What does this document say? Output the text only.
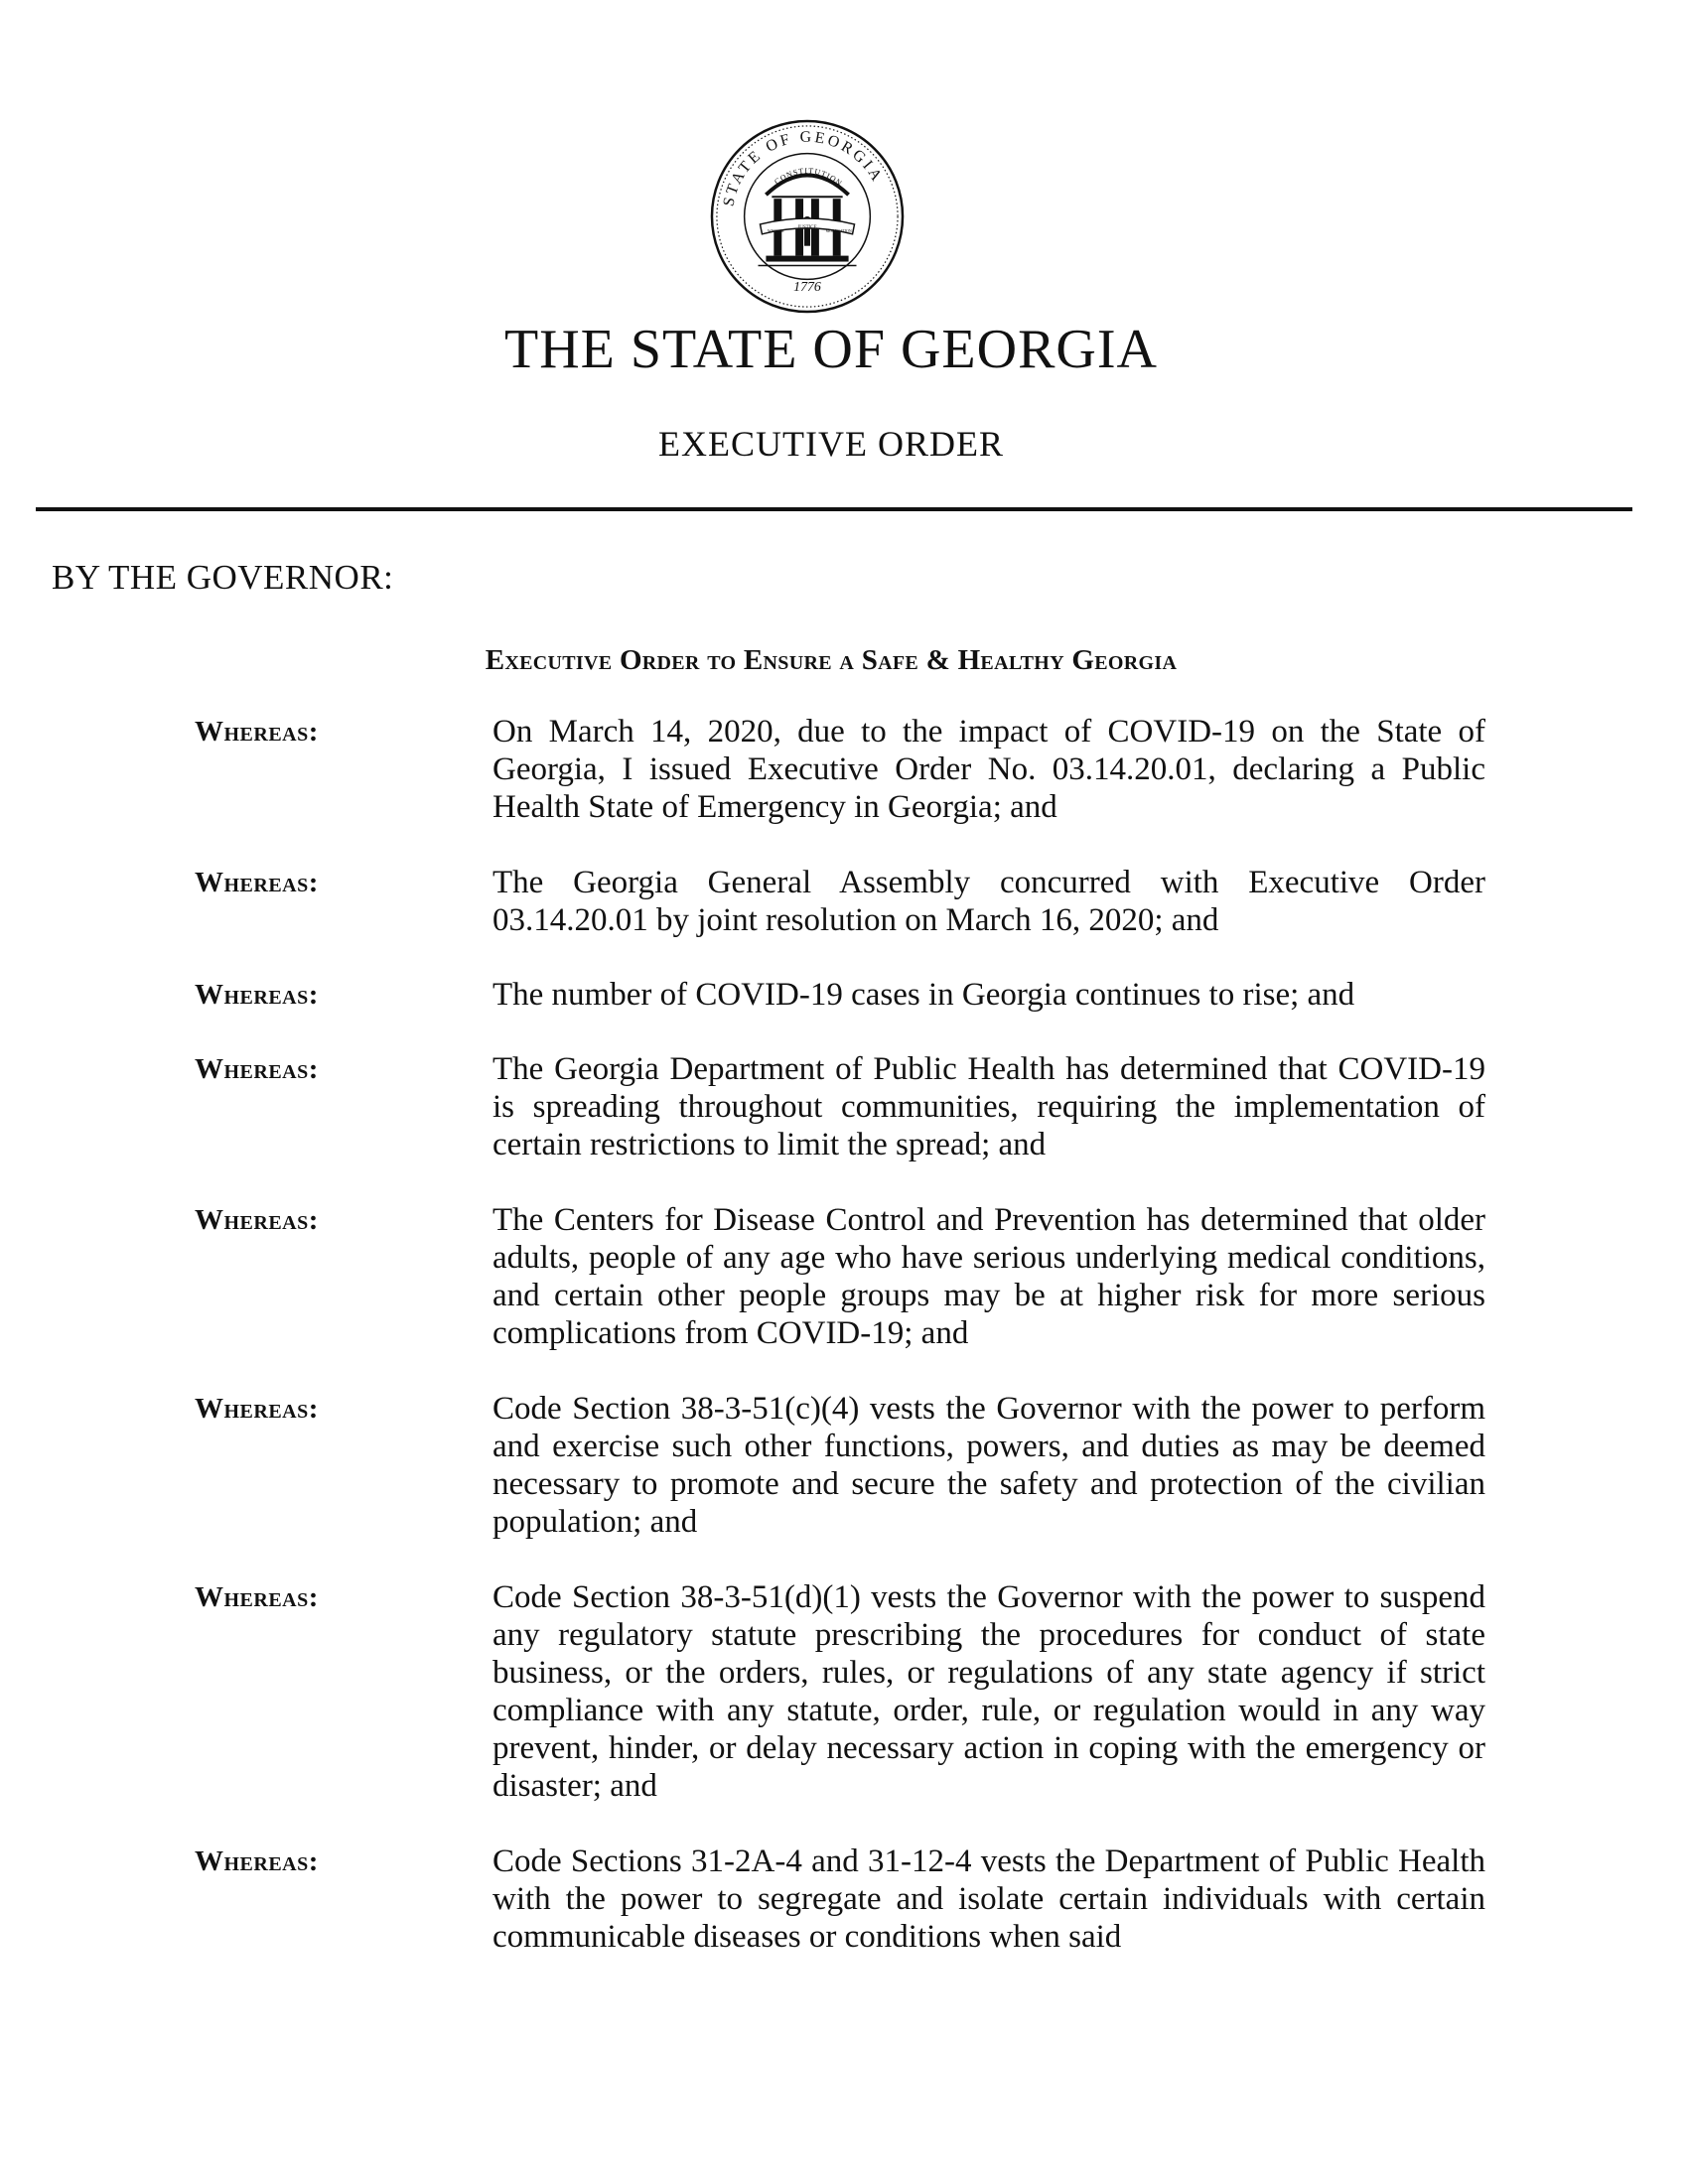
STATE OF GEORGIA
CONSTITUTION
JUSTICE
WISDOM	MODERATION
1776
THE STATE OF GEORGIA
EXECUTIVE ORDER
BY THE GOVERNOR:
Executive Order to Ensure a Safe & Healthy Georgia
Whereas:	On March 14, 2020, due to the impact of COVID-19 on the State of Georgia, I issued Executive Order No. 03.14.20.01, declaring a Public Health State of Emergency in Georgia; and
Whereas:	The Georgia General Assembly concurred with Executive Order 03.14.20.01 by joint resolution on March 16, 2020; and
Whereas:	The number of COVID-19 cases in Georgia continues to rise; and
Whereas:	The Georgia Department of Public Health has determined that COVID-19 is spreading throughout communities, requiring the implementation of certain restrictions to limit the spread; and
Whereas:	The Centers for Disease Control and Prevention has determined that older adults, people of any age who have serious underlying medical conditions, and certain other people groups may be at higher risk for more serious complications from COVID-19; and
Whereas:	Code Section 38-3-51(c)(4) vests the Governor with the power to perform and exercise such other functions, powers, and duties as may be deemed necessary to promote and secure the safety and protection of the civilian population; and
Whereas:	Code Section 38-3-51(d)(1) vests the Governor with the power to suspend any regulatory statute prescribing the procedures for conduct of state business, or the orders, rules, or regulations of any state agency if strict compliance with any statute, order, rule, or regulation would in any way prevent, hinder, or delay necessary action in coping with the emergency or disaster; and
Whereas:	Code Sections 31-2A-4 and 31-12-4 vests the Department of Public Health with the power to segregate and isolate certain individuals with certain communicable diseases or conditions when said
